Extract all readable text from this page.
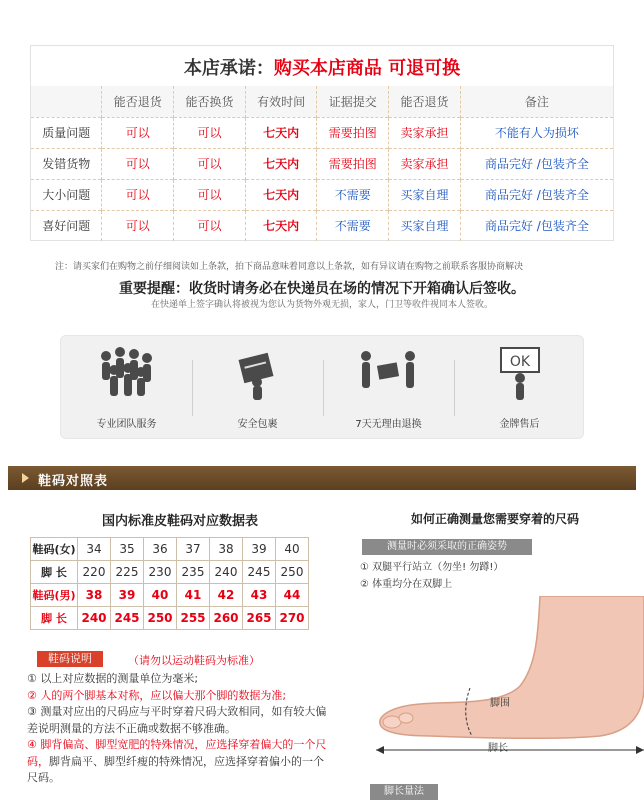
本店承诺：购买本店商品 可退可换
	能否退货	能否换货	有效时间	证据提交	能否退货	备注
质量问题	可以	可以	七天内	需要拍图	卖家承担	不能有人为损坏
发错货物	可以	可以	七天内	需要拍图	卖家承担	商品完好 /包装齐全
大小问题	可以	可以	七天内	不需要	买家自理	商品完好 /包装齐全
喜好问题	可以	可以	七天内	不需要	买家自理	商品完好 /包装齐全
注：请买家们在购物之前仔细阅读如上条款，拍下商品意味着同意以上条款，如有异议请在购物之前联系客服协商解决
重要提醒：收货时请务必在快递员在场的情况下开箱确认后签收。
在快递单上签字确认将被视为您认为货物外观无损，家人，门卫等收件视同本人签收。
专业团队服务	安全包裹	7天无理由退换
OK
金牌售后
鞋码对照表
国内标准皮鞋码对应数据表
鞋码(女)	34	35	36	37	38	39	40
脚 长	220	225	230	235	240	245	250
鞋码(男)	38	39	40	41	42	43	44
脚 长	240	245	250	255	260	265	270
鞋码说明	（请勿以运动鞋码为标准）
① 以上对应数据的测量单位为毫米;
② 人的两个脚基本对称，应以偏大那个脚的数据为准;
③ 测量对应出的尺码应与平时穿着尺码大致相同，如有较大偏差说明测量的方法不正确或数据不够准确。
④ 脚背偏高、脚型宽肥的特殊情况，应选择穿着偏大的一个尺码，脚背扁平、脚型纤瘦的特殊情况，应选择穿着偏小的一个尺码。
如何正确测量您需要穿着的尺码
测量时必须采取的正确姿势
① 双腿平行站立（勿坐! 勿蹲!）
② 体重均分在双脚上
脚围
脚长
脚长量法
